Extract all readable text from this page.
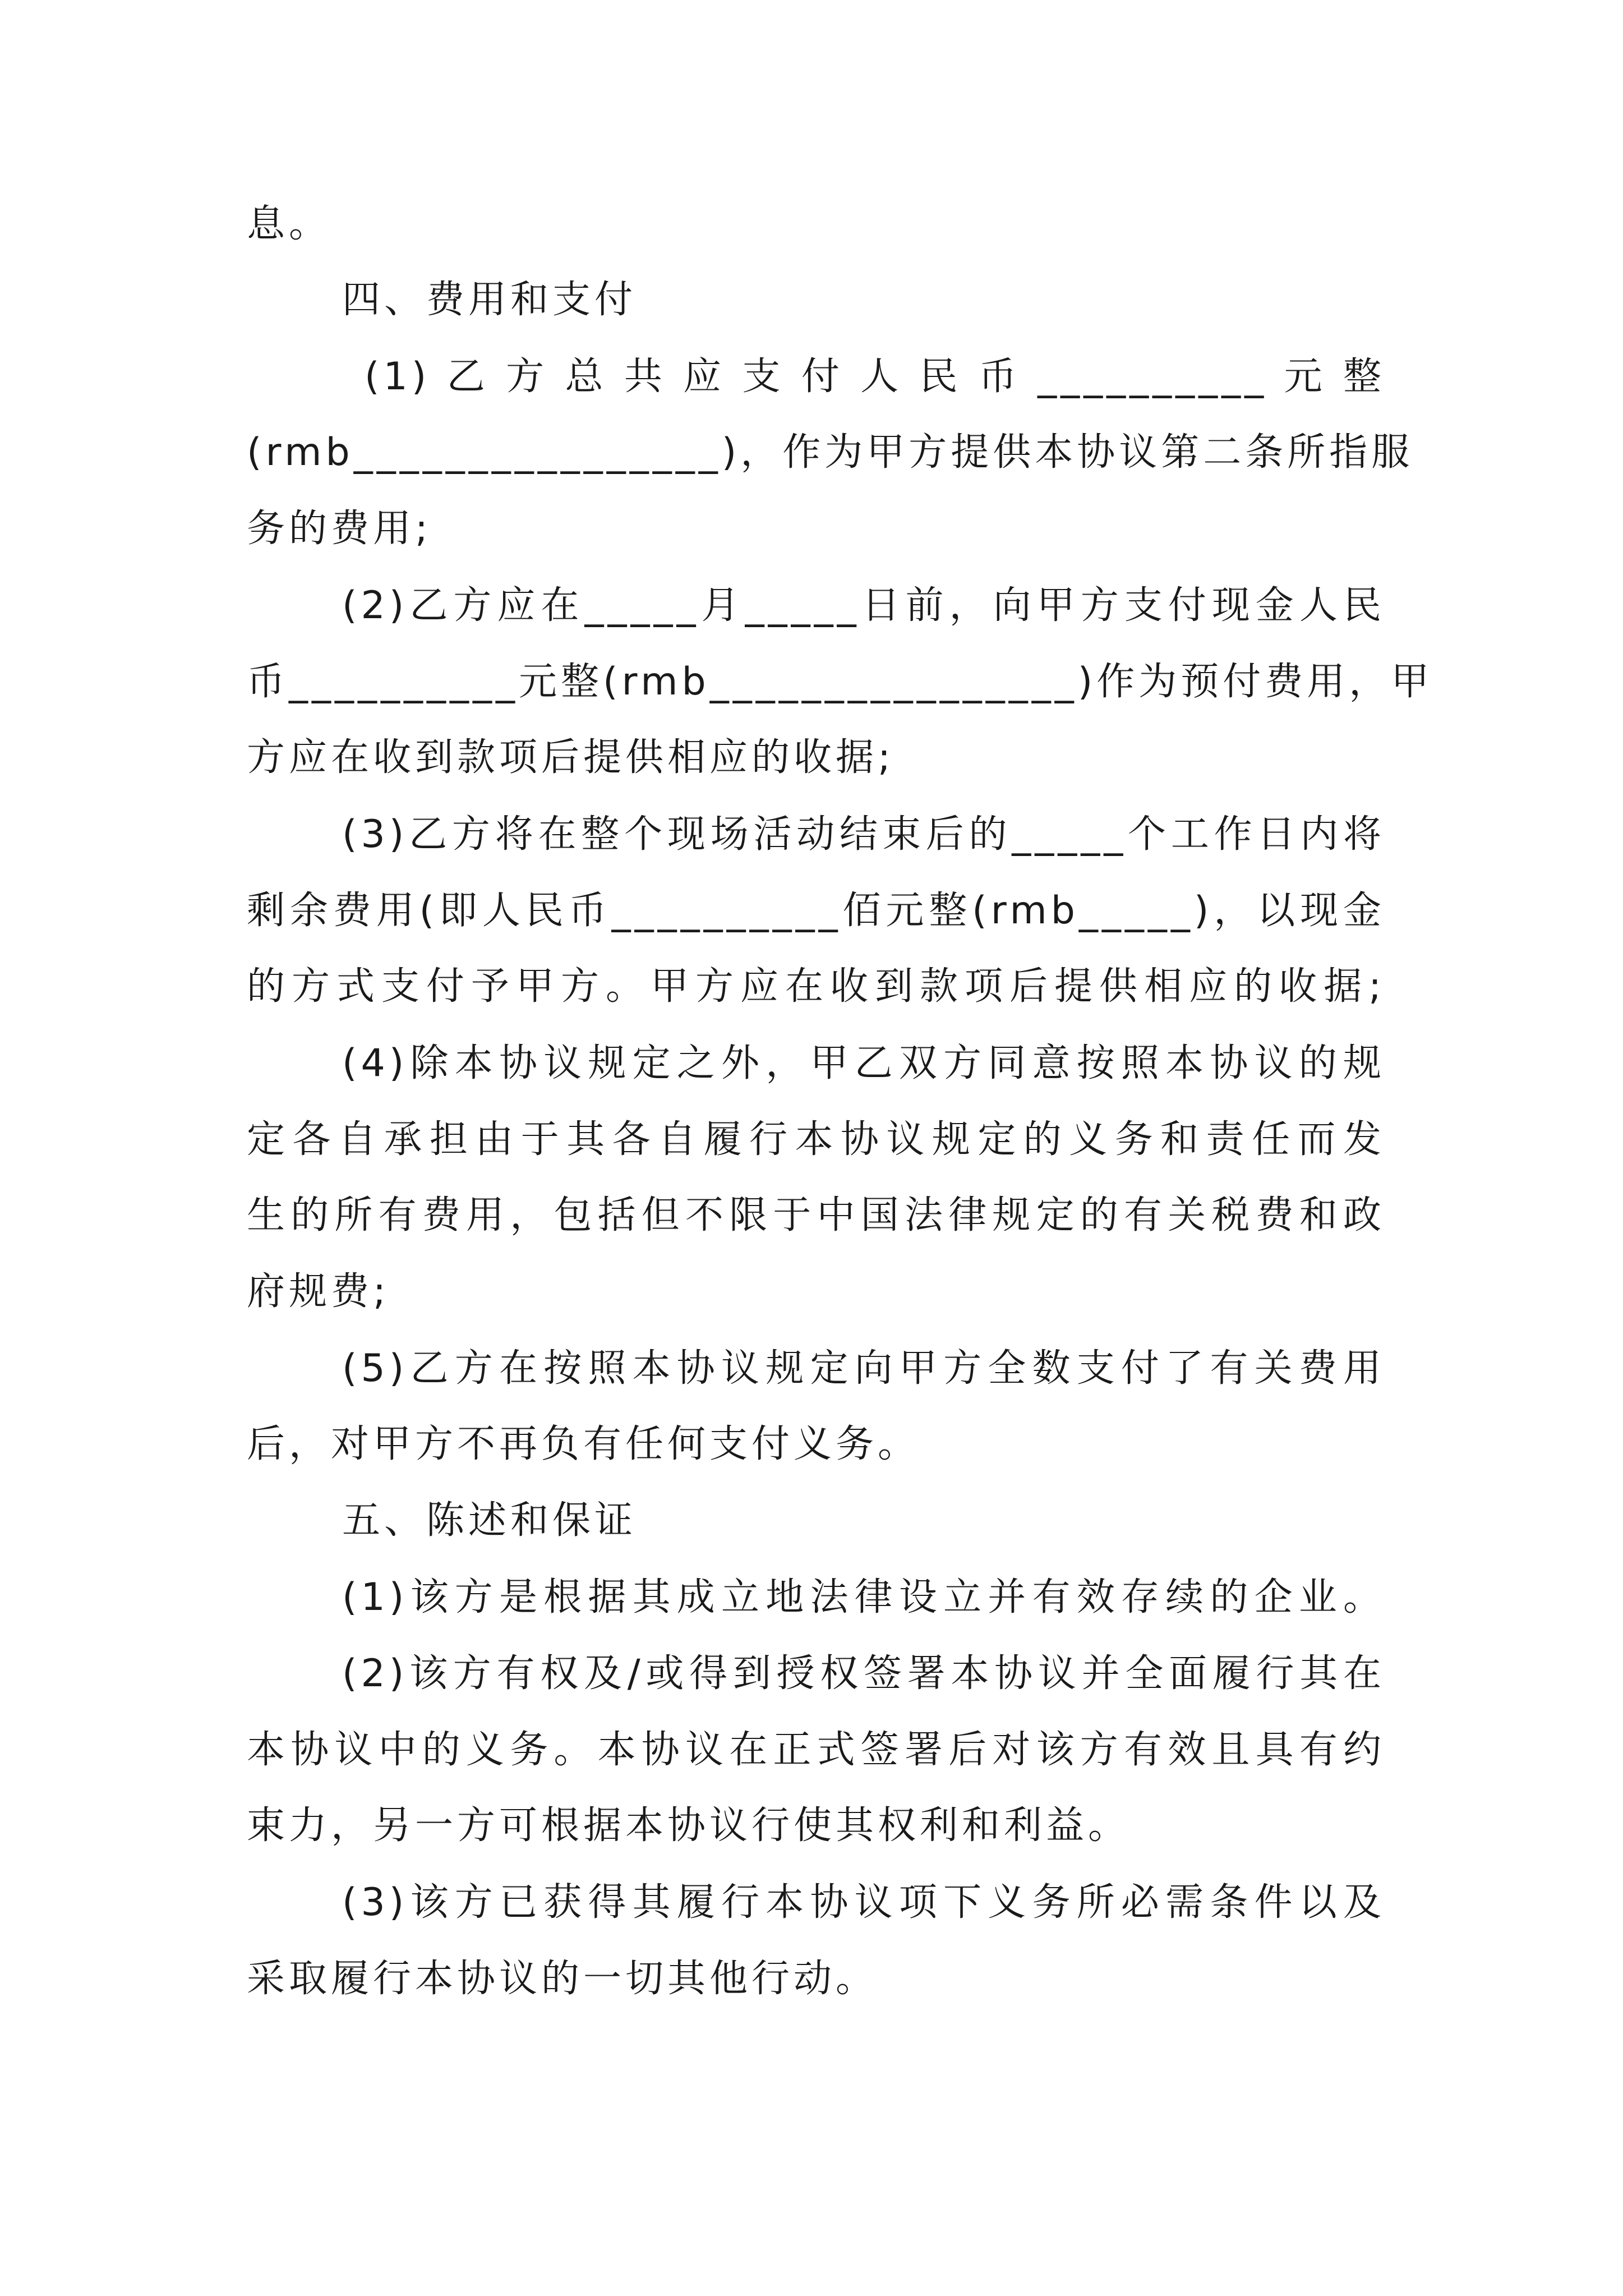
息。
四、费用和支付
(1) 乙 方 总 共 应 支 付 人 民 币 __________ 元 整
(rmb________________)，作为甲方提供本协议第二条所指服
务的费用;
(2)乙方应在_____月_____日前，向甲方支付现金人民
币__________元整(rmb________________)作为预付费用，甲
方应在收到款项后提供相应的收据;
(3)乙方将在整个现场活动结束后的_____个工作日内将
剩余费用(即人民币__________佰元整(rmb_____)，以现金
的方式支付予甲方。甲方应在收到款项后提供相应的收据;
(4)除本协议规定之外，甲乙双方同意按照本协议的规
定各自承担由于其各自履行本协议规定的义务和责任而发
生的所有费用，包括但不限于中国法律规定的有关税费和政
府规费;
(5)乙方在按照本协议规定向甲方全数支付了有关费用
后，对甲方不再负有任何支付义务。
五、陈述和保证
(1)该方是根据其成立地法律设立并有效存续的企业。
(2)该方有权及/或得到授权签署本协议并全面履行其在
本协议中的义务。本协议在正式签署后对该方有效且具有约
束力，另一方可根据本协议行使其权利和利益。
(3)该方已获得其履行本协议项下义务所必需条件以及
采取履行本协议的一切其他行动。
